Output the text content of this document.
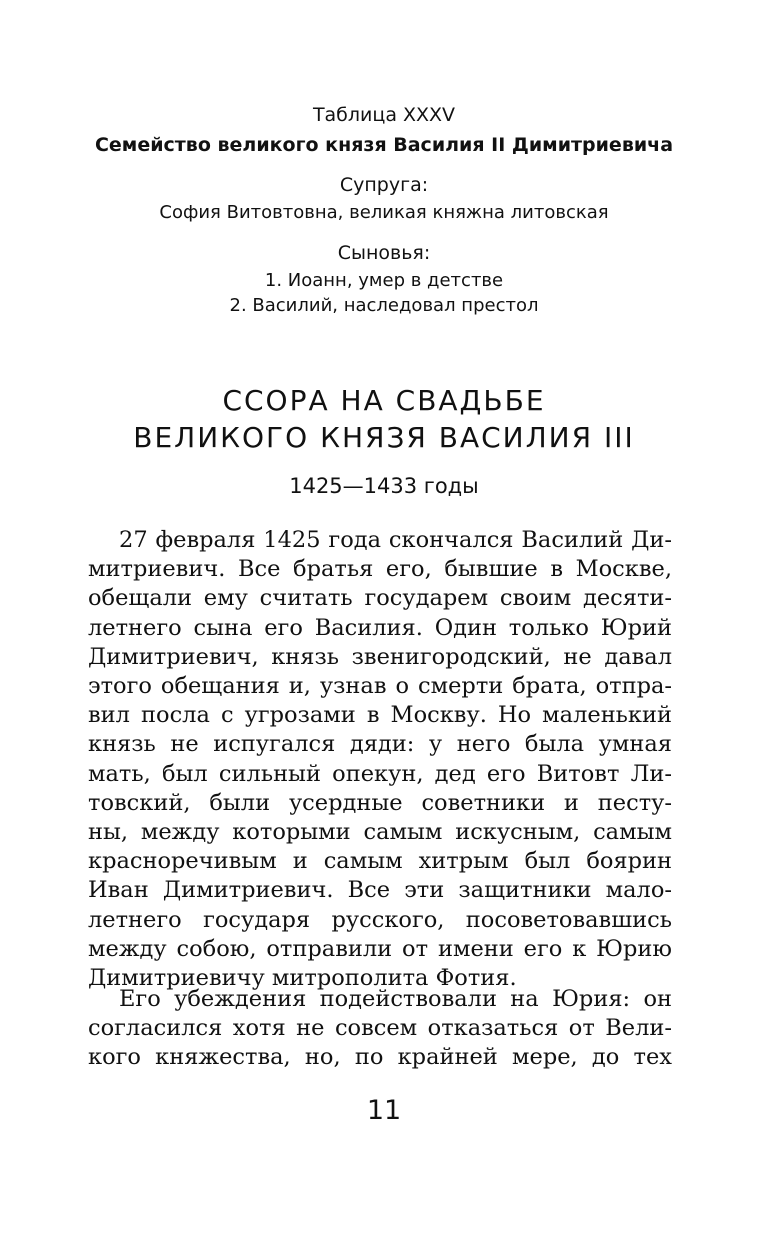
Таблица XXXV
Семейство великого князя Василия II Димитриевича
Супруга:
София Витовтовна, великая княжна литовская
Сыновья:
1. Иоанн, умер в детстве
2. Василий, наследовал престол
ССОРА НА СВАДЬБЕ
ВЕЛИКОГО КНЯЗЯ ВАСИЛИЯ III
1425—1433 годы
27 февраля 1425 года скончался Василий Ди-
митриевич. Все братья его, бывшие в Москве,
обещали ему считать государем своим десяти-
летнего сына его Василия. Один только Юрий
Димитриевич, князь звенигородский, не давал
этого обещания и, узнав о смерти брата, отпра-
вил посла с угрозами в Москву. Но маленький
князь не испугался дяди: у него была умная
мать, был сильный опекун, дед его Витовт Ли-
товский, были усердные советники и песту-
ны, между которыми самым искусным, самым
красноречивым и самым хитрым был боярин
Иван Димитриевич. Все эти защитники мало-
летнего государя русского, посоветовавшись
между собою, отправили от имени его к Юрию
Димитриевичу митрополита Фотия.
Его убеждения подействовали на Юрия: он
согласился хотя не совсем отказаться от Вели-
кого княжества, но, по крайней мере, до тех
11
